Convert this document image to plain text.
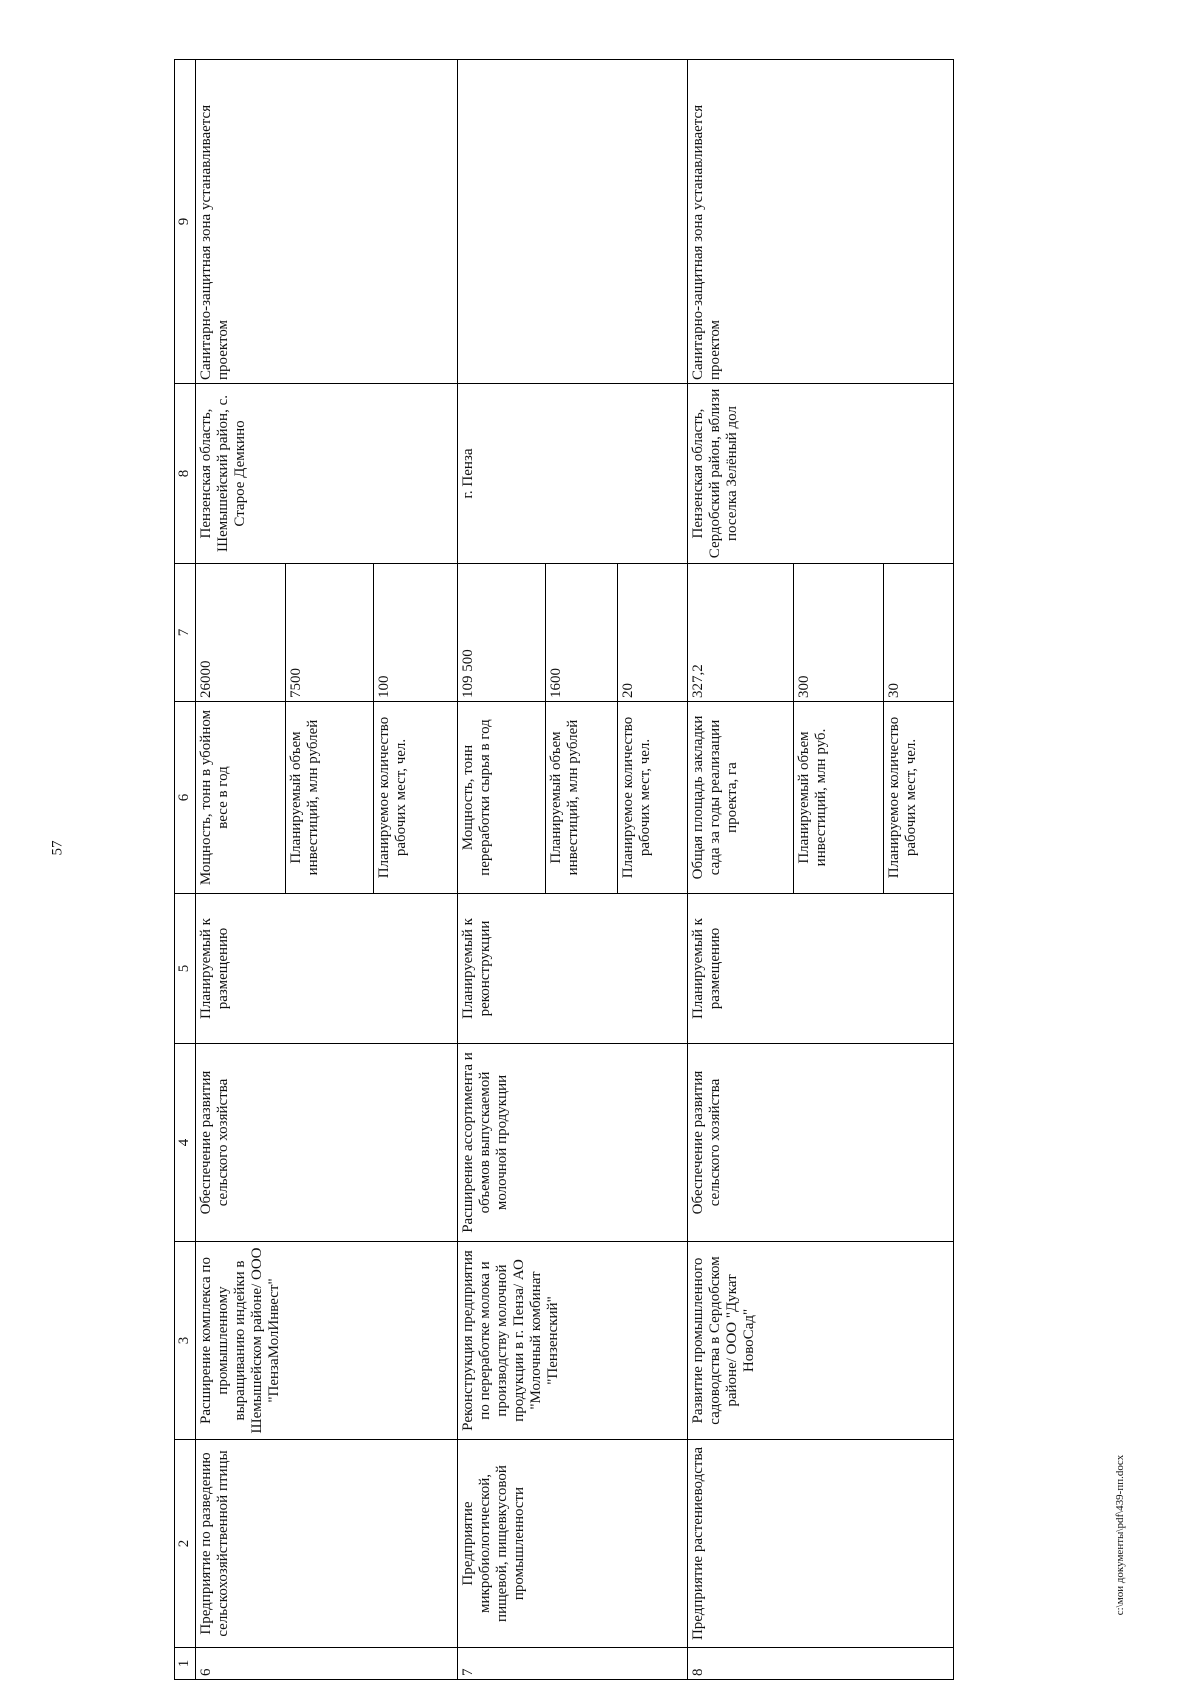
57
1	2	3	4	5	6	7	8	9
6	Предприятие по разведению сельскохозяйственной птицы	Расширение комплекса по промышленному выращиванию индейки в Шемышейском районе/ ООО "ПензаМолИнвест"	Обеспечение развития сельского хозяйства	Планируемый к размещению	Мощность, тонн в убойном весе в год	26000	Пензенская область, Шемышейский район, с. Старое Демкино	Санитарно-защитная зона устанавливается проектом
					Планируемый объем инвестиций, млн рублей	7500		
					Планируемое количество рабочих мест, чел.	100		
7	Предприятие микробиологической, пищевой, пищевкусовой промышленности	Реконструкция предприятия по переработке молока и производству молочной продукции в г. Пенза/ АО "Молочный комбинат "Пензенский"	Расширение ассортимента и объемов выпускаемой молочной продукции	Планируемый к реконструкции	Мощность, тонн переработки сырья в год	109 500	г. Пенза	
					Планируемый объем инвестиций, млн рублей	1600		
					Планируемое количество рабочих мест, чел.	20		
8	Предприятие растениеводства	Развитие промышленного садоводства в Сердобском районе/ ООО "Дукат НовоСад"	Обеспечение развития сельского хозяйства	Планируемый к размещению	Общая площадь закладки сада за годы реализации проекта, га	327,2	Пензенская область, Сердобский район, вблизи поселка Зелёный дол	Санитарно-защитная зона устанавливается проектом
					Планируемый объем инвестиций, млн руб.	300		
					Планируемое количество рабочих мест, чел.	30		
c:\мои документы\pdf\439-пп.docx
